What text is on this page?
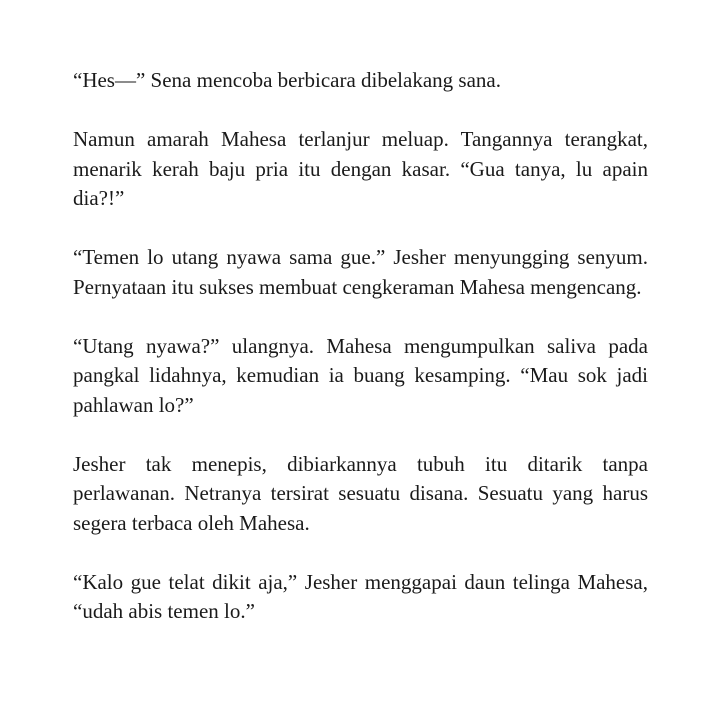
“Hes—” Sena mencoba berbicara dibelakang sana.

Namun amarah Mahesa terlanjur meluap. Tangannya terangkat, menarik kerah baju pria itu dengan kasar. “Gua tanya, lu apain dia?!”

“Temen lo utang nyawa sama gue.” Jesher menyungging senyum. Pernyataan itu sukses membuat cengkeraman Mahesa mengencang.

“Utang nyawa?” ulangnya. Mahesa mengumpulkan saliva pada pangkal lidahnya, kemudian ia buang kesamping. “Mau sok jadi pahlawan lo?”

Jesher tak menepis, dibiarkannya tubuh itu ditarik tanpa perlawanan. Netranya tersirat sesuatu disana. Sesuatu yang harus segera terbaca oleh Mahesa.

“Kalo gue telat dikit aja,” Jesher menggapai daun telinga Mahesa, “udah abis temen lo.”
